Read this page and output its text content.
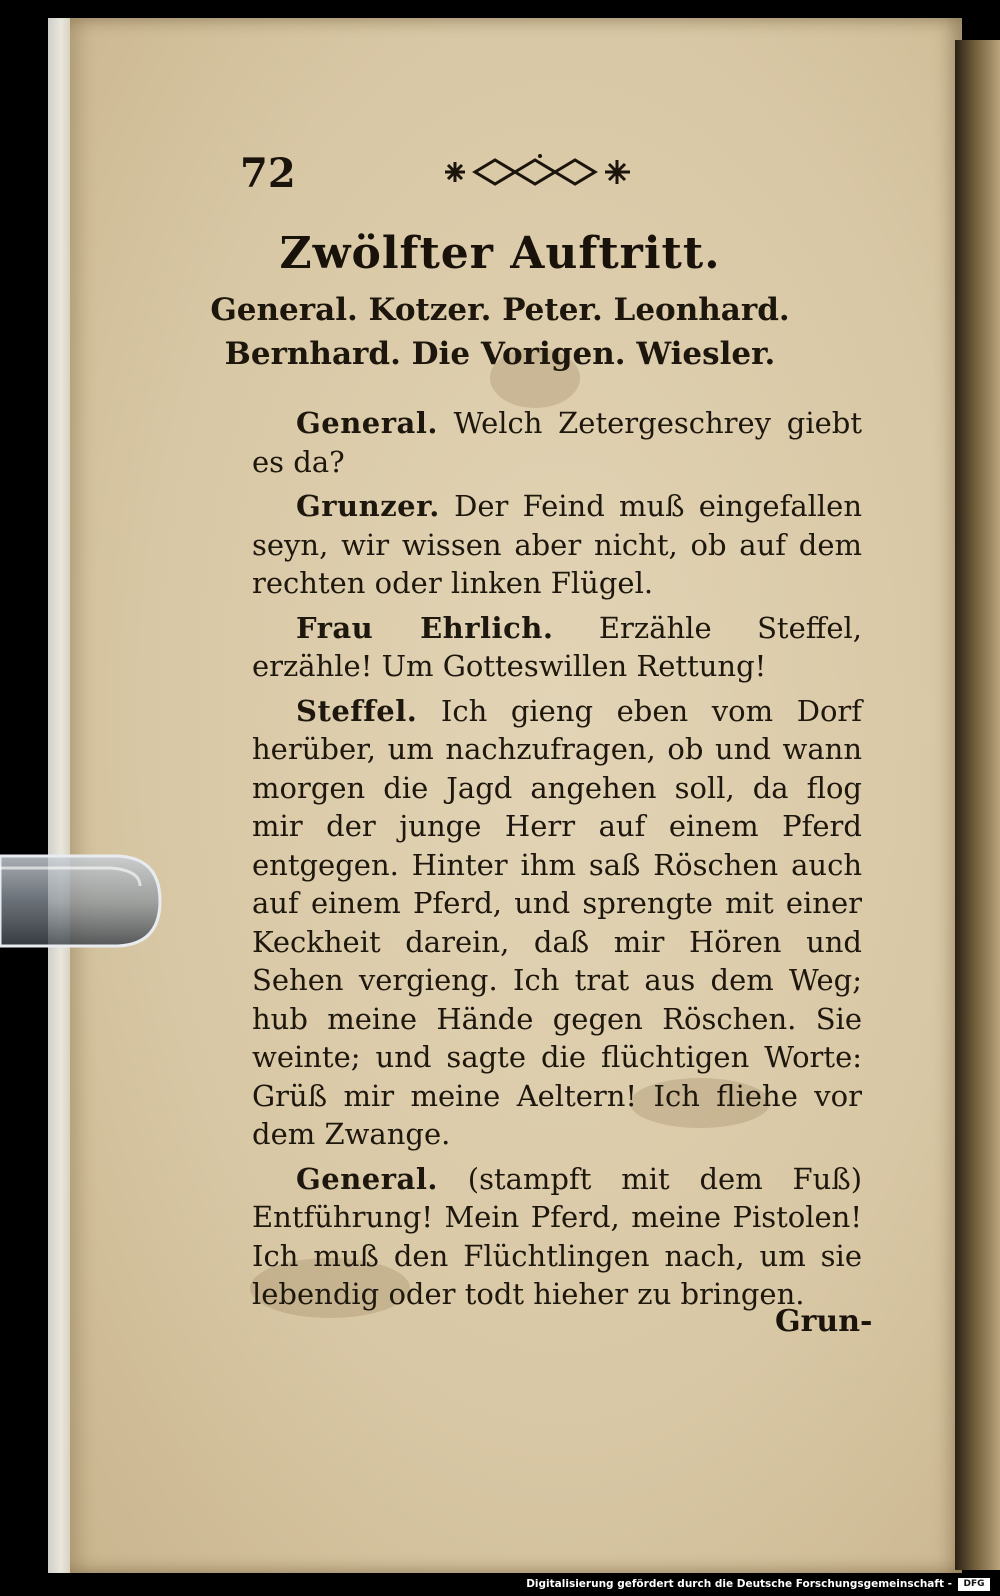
72
Zwölfter Auftritt.
General. Kotzer. Peter. Leonhard.
Bernhard. Die Vorigen. Wiesler.

General. Welch Zetergeschrey giebt es da?

Grunzer. Der Feind muß eingefallen seyn, wir wissen aber nicht, ob auf dem rechten oder linken Flügel.

Frau Ehrlich. Erzähle Steffel, erzähle! Um Gotteswillen Rettung!

Steffel. Ich gieng eben vom Dorf herüber, um nachzufragen, ob und wann morgen die Jagd angehen soll, da flog mir der junge Herr auf einem Pferd entgegen. Hinter ihm saß Röschen auch auf einem Pferd, und sprengte mit einer Keckheit darein, daß mir Hören und Sehen vergieng. Ich trat aus dem Weg; hub meine Hände gegen Röschen. Sie weinte; und sagte die flüchtigen Worte: Grüß mir meine Aeltern! Ich fliehe vor dem Zwange.

General. (stampft mit dem Fuß) Entführung! Mein Pferd, meine Pistolen! Ich muß den Flüchtlingen nach, um sie lebendig oder todt hieher zu bringen.

Grun-
Digitalisierung gefördert durch die Deutsche Forschungsgemeinschaft -	DFG
